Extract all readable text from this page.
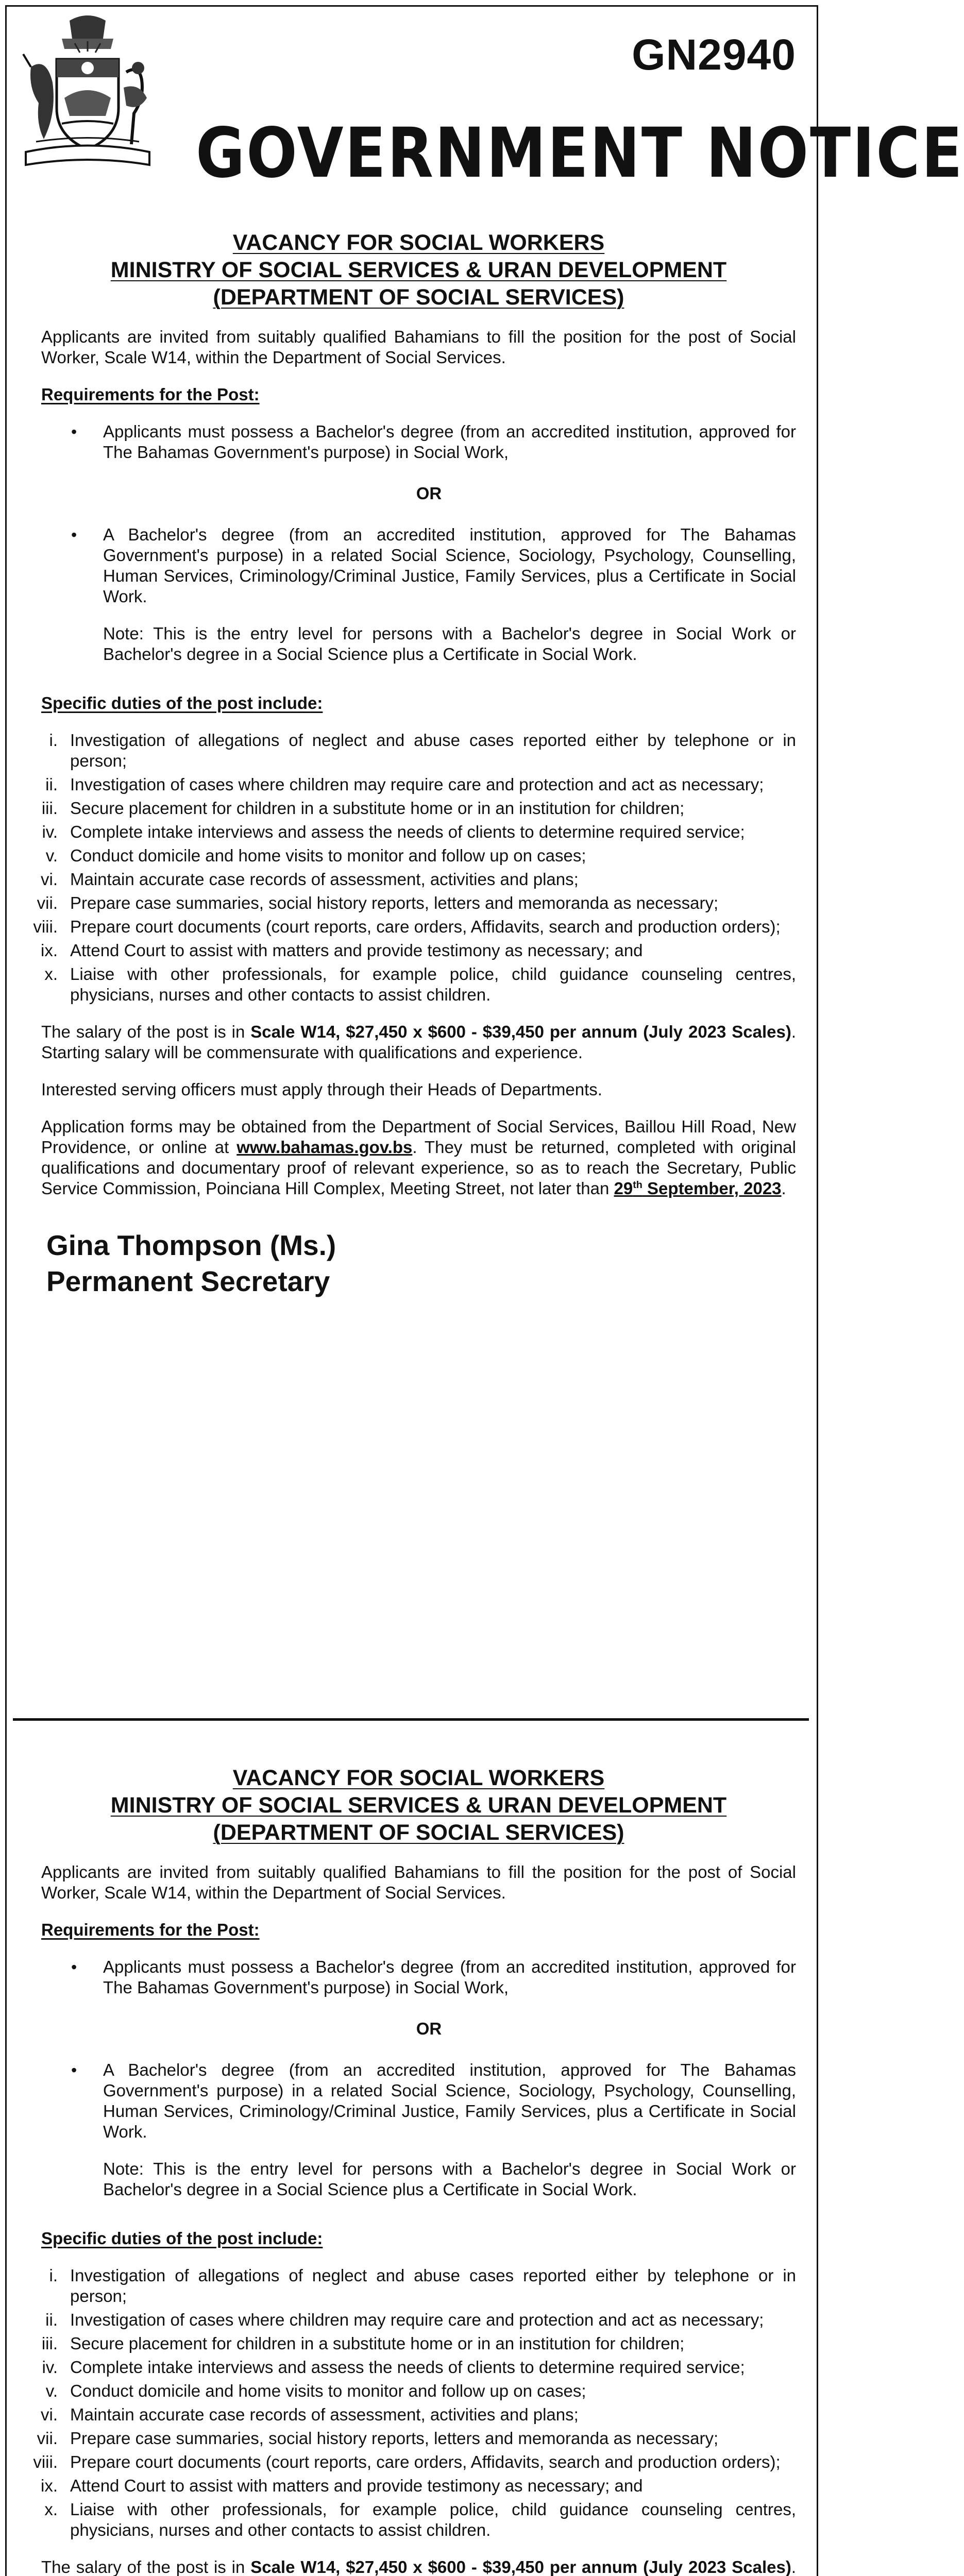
GN2940
GOVERNMENT NOTICE
VACANCY FOR SOCIAL WORKERS
MINISTRY OF SOCIAL SERVICES & URAN DEVELOPMENT
(DEPARTMENT OF SOCIAL SERVICES)

Applicants are invited from suitably qualified Bahamians to fill the position for the post of Social Worker, Scale W14, within the Department of Social Services.

Requirements for the Post:

• Applicants must possess a Bachelor's degree (from an accredited institution, approved for The Bahamas Government's purpose) in Social Work,

OR

• A Bachelor's degree (from an accredited institution, approved for The Bahamas Government's purpose) in a related Social Science, Sociology, Psychology, Counselling, Human Services, Criminology/Criminal Justice, Family Services, plus a Certificate in Social Work.

Note: This is the entry level for persons with a Bachelor's degree in Social Work or Bachelor's degree in a Social Science plus a Certificate in Social Work.

Specific duties of the post include:

i. Investigation of allegations of neglect and abuse cases reported either by telephone or in person;
ii. Investigation of cases where children may require care and protection and act as necessary;
iii. Secure placement for children in a substitute home or in an institution for children;
iv. Complete intake interviews and assess the needs of clients to determine required service;
v. Conduct domicile and home visits to monitor and follow up on cases;
vi. Maintain accurate case records of assessment, activities and plans;
vii. Prepare case summaries, social history reports, letters and memoranda as necessary;
viii. Prepare court documents (court reports, care orders, Affidavits, search and production orders);
ix. Attend Court to assist with matters and provide testimony as necessary; and
x. Liaise with other professionals, for example police, child guidance counseling centres, physicians, nurses and other contacts to assist children.

The salary of the post is in Scale W14, $27,450 x $600 - $39,450 per annum (July 2023 Scales). Starting salary will be commensurate with qualifications and experience.

Interested serving officers must apply through their Heads of Departments.

Application forms may be obtained from the Department of Social Services, Baillou Hill Road, New Providence, or online at www.bahamas.gov.bs. They must be returned, completed with original qualifications and documentary proof of relevant experience, so as to reach the Secretary, Public Service Commission, Poinciana Hill Complex, Meeting Street, not later than 29th September, 2023.

Gina Thompson (Ms.)
Permanent Secretary
VACANCY FOR SOCIAL WORKERS
MINISTRY OF SOCIAL SERVICES & URAN DEVELOPMENT
(DEPARTMENT OF SOCIAL SERVICES)

Applicants are invited from suitably qualified Bahamians to fill the position for the post of Social Worker, Scale W14, within the Department of Social Services.

Requirements for the Post:

• Applicants must possess a Bachelor's degree (from an accredited institution, approved for The Bahamas Government's purpose) in Social Work,

OR

• A Bachelor's degree (from an accredited institution, approved for The Bahamas Government's purpose) in a related Social Science, Sociology, Psychology, Counselling, Human Services, Criminology/Criminal Justice, Family Services, plus a Certificate in Social Work.

Note: This is the entry level for persons with a Bachelor's degree in Social Work or Bachelor's degree in a Social Science plus a Certificate in Social Work.

Specific duties of the post include:

i. Investigation of allegations of neglect and abuse cases reported either by telephone or in person;
ii. Investigation of cases where children may require care and protection and act as necessary;
iii. Secure placement for children in a substitute home or in an institution for children;
iv. Complete intake interviews and assess the needs of clients to determine required service;
v. Conduct domicile and home visits to monitor and follow up on cases;
vi. Maintain accurate case records of assessment, activities and plans;
vii. Prepare case summaries, social history reports, letters and memoranda as necessary;
viii. Prepare court documents (court reports, care orders, Affidavits, search and production orders);
ix. Attend Court to assist with matters and provide testimony as necessary; and
x. Liaise with other professionals, for example police, child guidance counseling centres, physicians, nurses and other contacts to assist children.

The salary of the post is in Scale W14, $27,450 x $600 - $39,450 per annum (July 2023 Scales).
